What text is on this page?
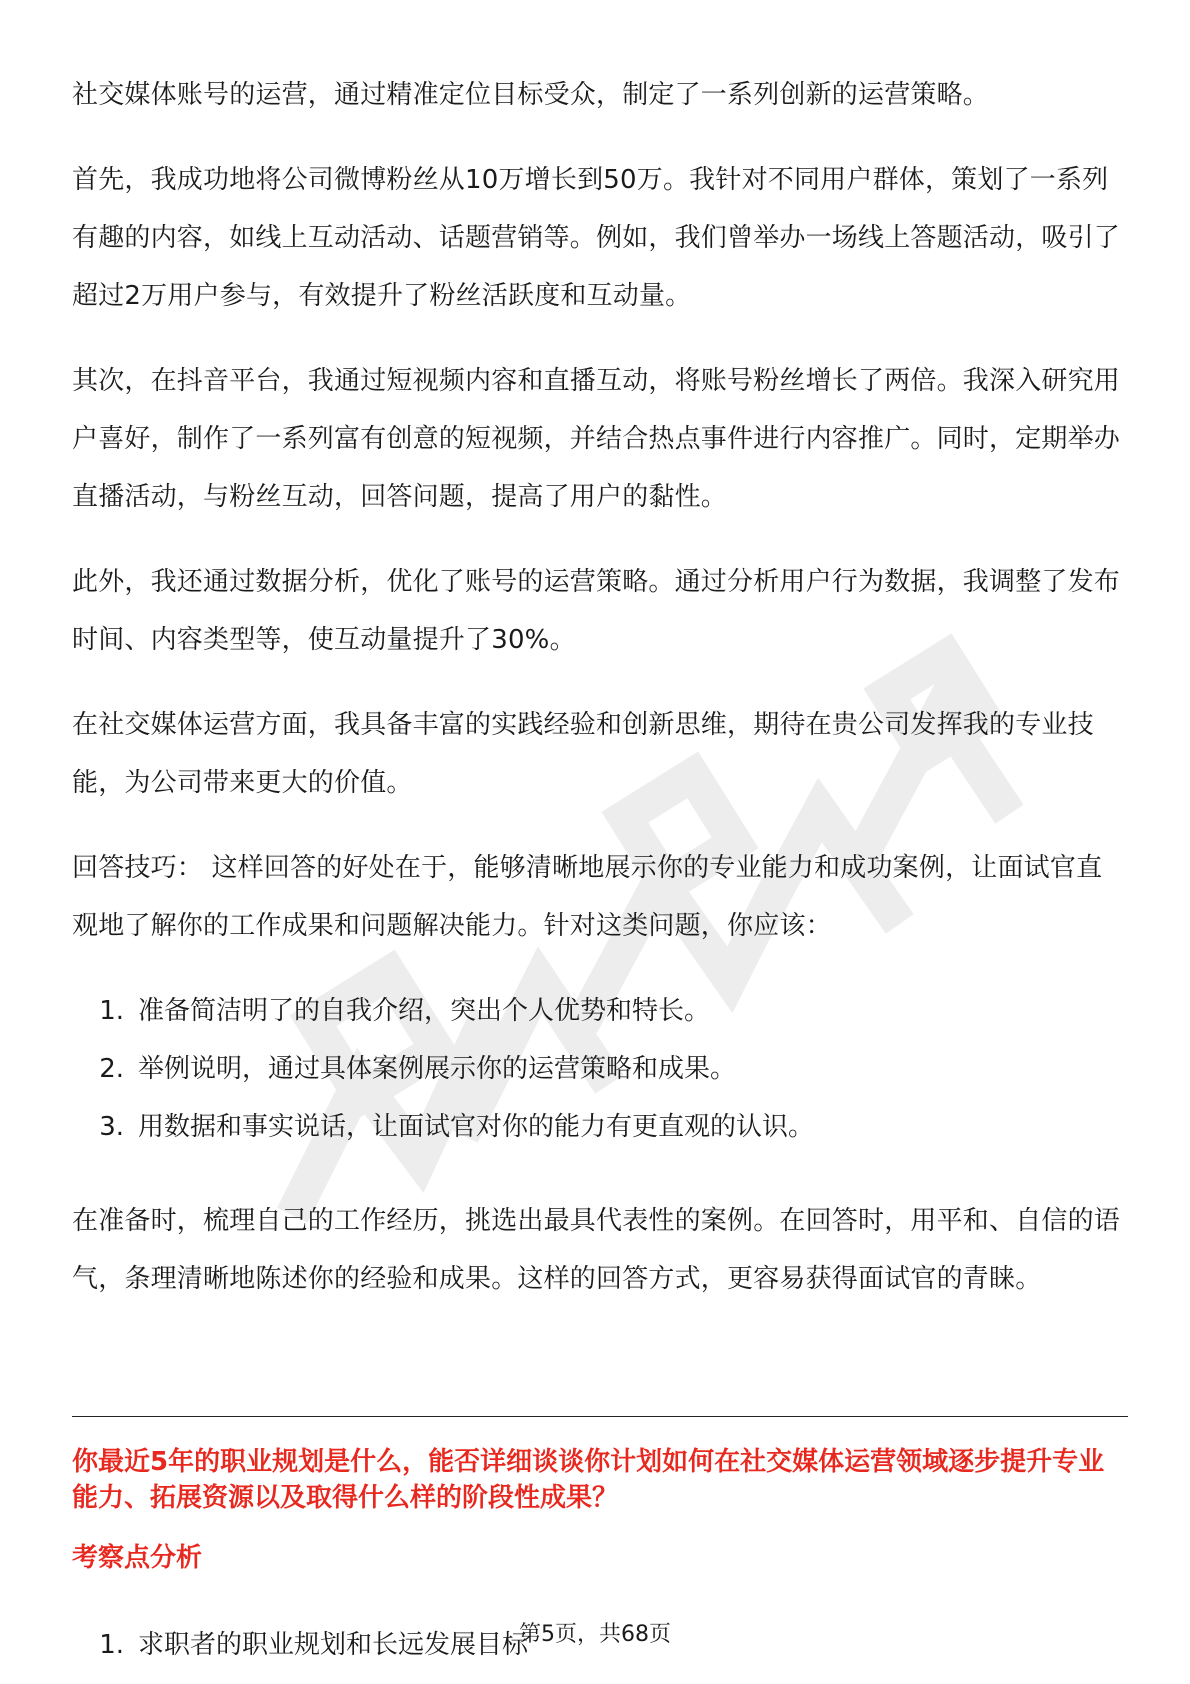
社交媒体账号的运营，通过精准定位目标受众，制定了一系列创新的运营策略。

首先，我成功地将公司微博粉丝从10万增长到50万。我针对不同用户群体，策划了一系列有趣的内容，如线上互动活动、话题营销等。例如，我们曾举办一场线上答题活动，吸引了超过2万用户参与，有效提升了粉丝活跃度和互动量。

其次，在抖音平台，我通过短视频内容和直播互动，将账号粉丝增长了两倍。我深入研究用户喜好，制作了一系列富有创意的短视频，并结合热点事件进行内容推广。同时，定期举办直播活动，与粉丝互动，回答问题，提高了用户的黏性。

此外，我还通过数据分析，优化了账号的运营策略。通过分析用户行为数据，我调整了发布时间、内容类型等，使互动量提升了30%。

在社交媒体运营方面，我具备丰富的实践经验和创新思维，期待在贵公司发挥我的专业技能，为公司带来更大的价值。

回答技巧： 这样回答的好处在于，能够清晰地展示你的专业能力和成功案例，让面试官直观地了解你的工作成果和问题解决能力。针对这类问题，你应该：

1. 准备简洁明了的自我介绍，突出个人优势和特长。
2. 举例说明，通过具体案例展示你的运营策略和成果。
3. 用数据和事实说话，让面试官对你的能力有更直观的认识。

在准备时，梳理自己的工作经历，挑选出最具代表性的案例。在回答时，用平和、自信的语气，条理清晰地陈述你的经验和成果。这样的回答方式，更容易获得面试官的青睐。

你最近5年的职业规划是什么，能否详细谈谈你计划如何在社交媒体运营领域逐步提升专业能力、拓展资源以及取得什么样的阶段性成果？
考察点分析
1. 求职者的职业规划和长远发展目标
第5页，共68页
